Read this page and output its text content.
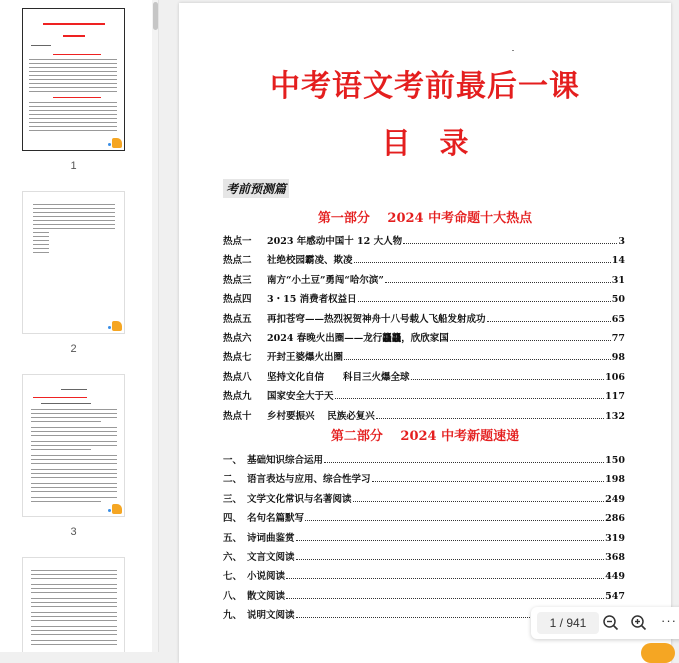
1
2
3
中考语文考前最后一课
目　录
考前预测篇
第一部分　 2024 中考命题十大热点
第二部分　 2024 中考新题速递
热点一 2023 年感动中国十 12 大人物	3
热点二 社绝校园霸凌、欺凌	14
热点三 南方“小土豆”勇闯“哈尔滨”	31
热点四 3・15 消费者权益日	50
热点五 再扣苍穹——热烈祝贺神舟十八号载人飞船发射成功	65
热点六 2024 春晚火出圈——龙行龘龘，欣欣家国	77
热点七 开封王婆爆火出圈	98
热点八 坚持文化自信　　科目三火爆全球	106
热点九 国家安全大于天	117
热点十 乡村要振兴　 民族必复兴	132
一、 基础知识综合运用	150
二、 语言表达与应用、综合性学习	198
三、 文学文化常识与名著阅读	249
四、 名句名篇默写	286
五、 诗词曲鉴赏	319
六、 文言文阅读	368
七、 小说阅读	449
八、 散文阅读	547
九、 说明文阅读
1 / 941	···
